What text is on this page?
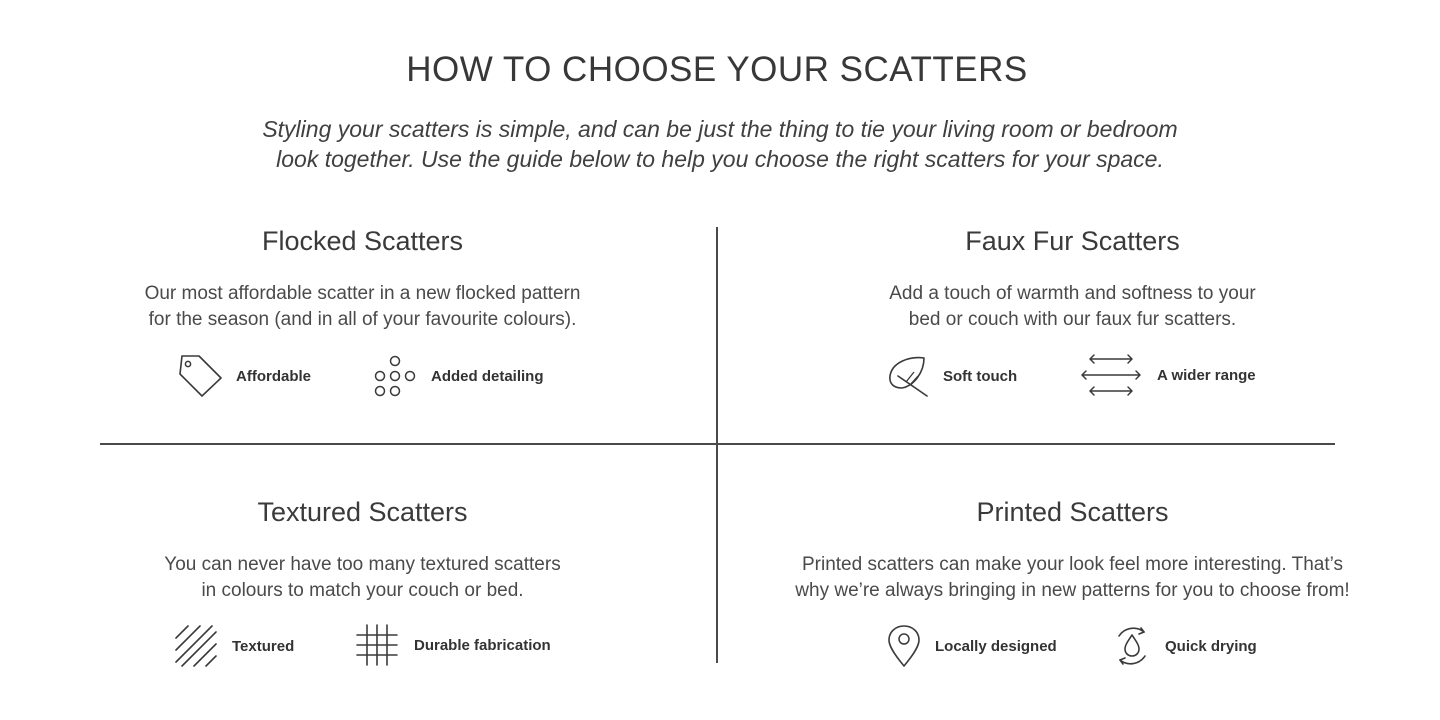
HOW TO CHOOSE YOUR SCATTERS

Styling your scatters is simple, and can be just the thing to tie your living room or bedroom
look together. Use the guide below to help you choose the right scatters for your space.

Flocked Scatters

Our most affordable scatter in a new flocked pattern
for the season (and in all of your favourite colours).

Affordable	Added detailing
Faux Fur Scatters

Add a touch of warmth and softness to your
bed or couch with our faux fur scatters.

Soft touch	A wider range
Textured Scatters

You can never have too many textured scatters
in colours to match your couch or bed.

Textured	Durable fabrication
Printed Scatters

Printed scatters can make your look feel more interesting. That’s
why we’re always bringing in new patterns for you to choose from!

Locally designed	Quick drying
